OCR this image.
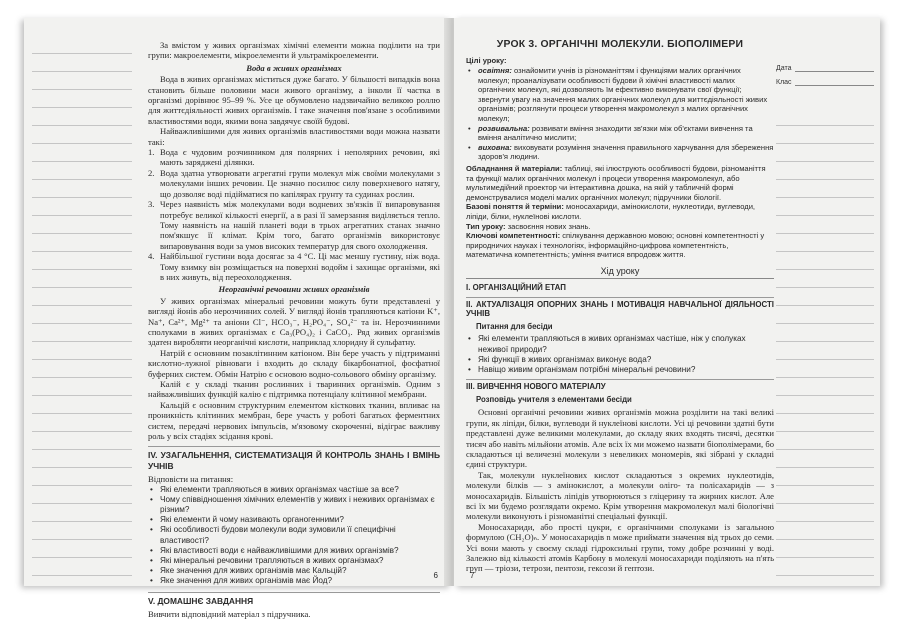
За вмістом у живих організмах хімічні елементи можна поділити на три групи: макроелементи, мікроелементи й ультрамікроелементи.

Вода в живих організмах

Вода в живих організмах міститься дуже багато. У більшості випадків вона становить більше половини маси живого організму, а інколи її частка в організмі дорівнює 95–99 %. Усе це обумовлено надзвичайно великою роллю для життєдіяльності живих організмів. І таке значення пов'язане з особливими властивостями води, якими вона завдячує своїй будові.

Найважливішими для живих організмів властивостями води можна назвати такі:

1. Вода є чудовим розчинником для полярних і неполярних речовин, які мають заряджені ділянки.
2. Вода здатна утворювати агрегатні групи молекул між своїми молекулами з молекулами інших речовин. Це значно посилює силу поверхневого натягу, що дозволяє воді підійматися по капілярах грунту та судинах рослин.
3. Через наявність між молекулами води водневих зв'язків її випаровування потребує великої кількості енергії, а в разі її замерзання виділяється тепло. Тому наявність на нашій планеті води в трьох агрегатних станах значно пом'якшує її клімат. Крім того, багато організмів використовує випаровування води за умов високих температур для свого охолодження.
4. Найбільшої густини вода досягає за 4 °С. Ці мас меншу густину, ніж вода. Тому взимку він розміщається на поверхні водойм і захищає організми, які в них живуть, від переохолодження.
Неорганічні речовини живих організмів

У живих організмах мінеральні речовини можуть бути представлені у вигляді йонів або нерозчинних солей. У вигляді йонів трапляються катіони K⁺, Na⁺, Ca²⁺, Mg²⁺ та аніони Cl⁻, HCO₃⁻, H₂PO₄⁻, SO₄²⁻ та ін. Нерозчинними сполуками в живих організмах є Ca₃(PO₄)₂ і CaCO₃. Ряд живих організмів здатен виробляти неорганічні кислоти, наприклад хлоридну й сульфатну.

Натрій є основним позаклітинним катіоном. Він бере участь у підтриманні кислотно-лужної рівноваги і входить до складу бікарбонатної, фосфатної буферних систем. Обмін Натрію є основою водно-сольового обміну організму.

Калій є у складі тканин рослинних і тваринних організмів. Одним з найважливіших функцій калію є підтримка потенціалу клітинної мембрани.

Кальцій є основним структурним елементом кісткових тканин, впливає на проникність клітинних мембран, бере участь у роботі багатьох ферментних систем, передачі нервових імпульсів, м'язовому скороченні, відіграє важливу роль у всіх стадіях зсідання крові.

IV. УЗАГАЛЬНЕННЯ, СИСТЕМАТИЗАЦІЯ Й КОНТРОЛЬ ЗНАНЬ І ВМІНЬ УЧНІВ

Відповісти на питання:

• Які елементи трапляються в живих організмах частіше за все?
• Чому співвідношення хімічних елементів у живих і неживих організмах є різним?
• Які елементи й чому називають органогенними?
• Які особливості будови молекули води зумовили її специфічні властивості?
• Які властивості води є найважливішими для живих організмів?
• Які мінеральні речовини трапляються в живих організмах?
• Яке значення для живих організмів має Кальцій?
• Яке значення для живих організмів має Йод?
V. ДОМАШНЄ ЗАВДАННЯ

Вивчити відповідний матеріал з підручника.

6
Дата
Клас
УРОК 3. ОРГАНІЧНІ МОЛЕКУЛИ. БІОПОЛІМЕРИ
Цілі уроку:
• освітня: ознайомити учнів із різноманіттям і функціями малих органічних молекул; проаналізувати особливості будови й хімічні властивості малих органічних молекул, які дозволяють їм ефективно виконувати свої функції; звернути увагу на значення малих органічних молекул для життєдіяльності живих організмів; розглянути процеси утворення макромолекул з малих органічних молекул;
• розвивальна: розвивати вміння знаходити зв'язки між об'єктами вивчення та вміння аналітично мислити;
• виховна: виховувати розуміння значення правильного харчування для збереження здоров'я людини.
Обладнання й матеріали: таблиці, які ілюструють особливості будови, різноманіття та функції малих органічних молекул і процеси утворення макромолекул, або мультимедійний проектор чи інтерактивна дошка, на якій у табличній формі демонструвалися моделі малих органічних молекул; підручники біології.
Базові поняття й терміни: моносахариди, амінокислоти, нуклеотиди, вуглеводи, ліпіди, білки, нуклеїнові кислоти.
Тип уроку: засвоєння нових знань.
Ключові компетентності: спілкування державною мовою; основні компетентності у природничих науках і технологіях, інформаційно-цифрова компетентність, математична компетентність; уміння вчитися впродовж життя.
Хід уроку
I. ОРГАНІЗАЦІЙНИЙ ЕТАП
II. АКТУАЛІЗАЦІЯ ОПОРНИХ ЗНАНЬ І МОТИВАЦІЯ НАВЧАЛЬНОЇ ДІЯЛЬНОСТІ УЧНІВ
Питання для бесіди
• Які елементи трапляються в живих організмах частіше, ніж у сполуках неживої природи?
• Які функції в живих організмах виконує вода?
• Навіщо живим організмам потрібні мінеральні речовини?
III. ВИВЧЕННЯ НОВОГО МАТЕРІАЛУ
Розповідь учителя з елементами бесіди

Основні органічні речовини живих організмів можна розділити на такі великі групи, як ліпіди, білки, вуглеводи й нуклеїнові кислоти. Усі ці речовини здатні бути представлені дуже великими молекулами, до складу яких входять тисячі, десятки тисяч або навіть мільйони атомів. Але всіх їх ми можемо назвати біополімерами, бо складаються ці величезні молекули з невеликих мономерів, які зібрані у складні єдині структури.

Так, молекули нуклеїнових кислот складаються з окремих нуклеотидів, молекули білків — з амінокислот, а молекули оліго- та полісахаридів — з моносахаридів. Більшість ліпідів утворюються з гліцерину та жирних кислот. Але всі їх ми будемо розглядати окремо. Крім утворення макромолекул малі біологічні молекули виконують і різноманітні спеціальні функції.

Моносахариди, або прості цукри, є органічними сполуками із загальною формулою (CH₂O)ₙ. У моносахаридів n може приймати значення від трьох до семи. Усі вони мають у своєму складі гідроксильні групи, тому добре розчинні у воді. Залежно від кількості атомів Карбону в молекулі моносахариди поділяють на п'ять груп — тріози, тетрози, пентози, гексози й гептози.

7
